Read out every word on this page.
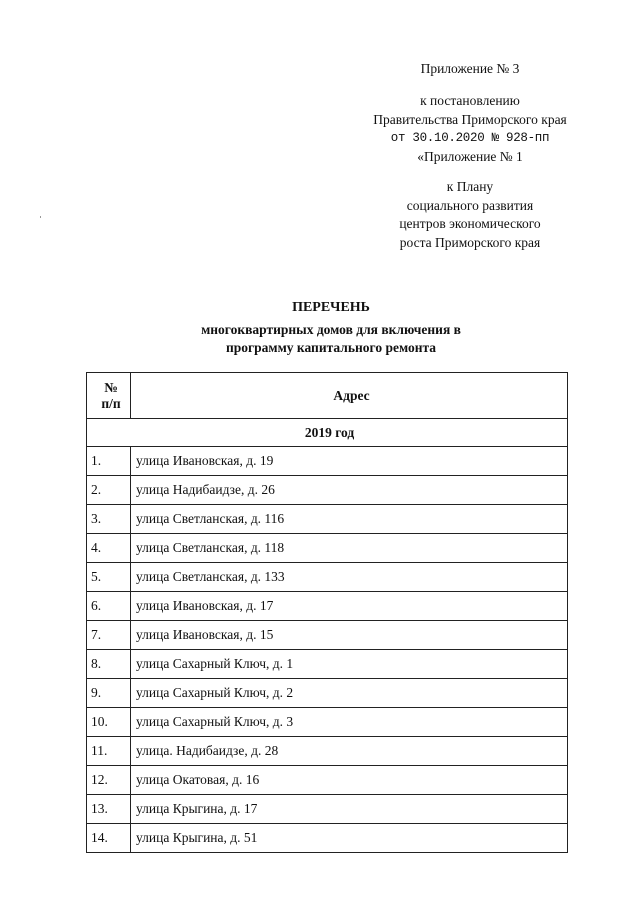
Приложение № 3
к постановлению
Правительства Приморского края
от 30.10.2020 № 928-пп
«Приложение № 1
к Плану
социального развития
центров экономического
роста Приморского края
ПЕРЕЧЕНЬ
многоквартирных домов для включения в
программу капитального ремонта
№
п/п	Адрес
2019 год	
1.	улица Ивановская, д. 19
2.	улица Надибаидзе, д. 26
3.	улица Светланская, д. 116
4.	улица Светланская, д. 118
5.	улица Светланская, д. 133
6.	улица Ивановская, д. 17
7.	улица Ивановская, д. 15
8.	улица Сахарный Ключ, д. 1
9.	улица Сахарный Ключ, д. 2
10.	улица Сахарный Ключ, д. 3
11.	улица. Надибаидзе, д. 28
12.	улица Окатовая, д. 16
13.	улица Крыгина, д. 17
14.	улица Крыгина, д. 51
